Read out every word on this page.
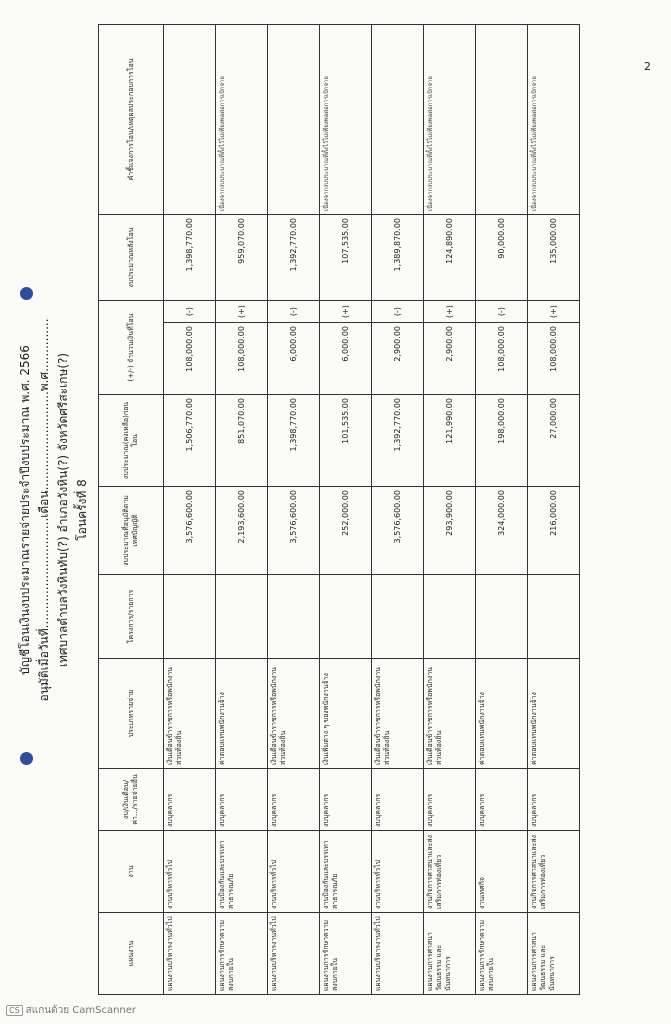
2
บัญชีโอนเงินงบประมาณรายจ่ายประจำปีงบประมาณ พ.ศ. 2566 อนุมัติเมื่อวันที่.............................เดือน..........................พ.ศ.............. เทศบาลตำบลวังหินทับ(?) อำเภอวังหิน(?) จังหวัดศรีสะเกษ(?) โอนครั้งที่ 8
แผนงาน	งาน	งบ/เงินเดือน/ค่า.../รายจ่ายอื่น	ประเภทรายจ่าย	โครงการ/รายการ	งบประมาณที่อนุมัติตามเทศบัญญัติ	งบประมาณ(คงเหลือ)ก่อนโอน	(+/-) จำนวนเงินที่โอน		งบประมาณหลังโอน	คำชี้แจงการโอน/เหตุผลประกอบการโอน
แผนงานบริหารงานทั่วไป	งานบริหารทั่วไป	งบบุคลากร	เงินเดือนข้าราชการหรือพนักงานส่วนท้องถิ่น		3,576,600.00	1,506,770.00	108,000.00	(-)	1,398,770.00	
แผนงานการรักษาความสงบภายใน	งานป้องกันและบรรเทาสาธารณภัย	งบบุคลากร	ค่าตอบแทนพนักงานจ้าง		2,193,600.00	851,070.00	108,000.00	(+)	959,070.00	เนื่องจากงบประมาณที่ตั้งไว้ไม่เพียงพอต่อการเบิกจ่าย
แผนงานบริหารงานทั่วไป	งานบริหารทั่วไป	งบบุคลากร	เงินเดือนข้าราชการหรือพนักงานส่วนท้องถิ่น		3,576,600.00	1,398,770.00	6,000.00	(-)	1,392,770.00	
แผนงานการรักษาความสงบภายใน	งานป้องกันและบรรเทาสาธารณภัย	งบบุคลากร	เงินเพิ่มต่าง ๆ ของพนักงานจ้าง		252,000.00	101,535.00	6,000.00	(+)	107,535.00	เนื่องจากงบประมาณที่ตั้งไว้ไม่เพียงพอต่อการเบิกจ่าย
แผนงานบริหารงานทั่วไป	งานบริหารทั่วไป	งบบุคลากร	เงินเดือนข้าราชการหรือพนักงานส่วนท้องถิ่น		3,576,600.00	1,392,770.00	2,900.00	(-)	1,389,870.00	
แผนงานการศาสนา วัฒนธรรม และนันทนาการ	งานกิจการศาสนาและส่งเสริมการท่องเที่ยว	งบบุคลากร	เงินเดือนข้าราชการหรือพนักงานส่วนท้องถิ่น		293,900.00	121,990.00	2,900.00	(+)	124,890.00	เนื่องจากงบประมาณที่ตั้งไว้ไม่เพียงพอต่อการเบิกจ่าย
แผนงานการรักษาความสงบภายใน	งานเทศกิจ	งบบุคลากร	ค่าตอบแทนพนักงานจ้าง		324,000.00	198,000.00	108,000.00	(-)	90,000.00	
แผนงานการศาสนา วัฒนธรรม และนันทนาการ	งานกิจการศาสนาและส่งเสริมการท่องเที่ยว	งบบุคลากร	ค่าตอบแทนพนักงานจ้าง		216,000.00	27,000.00	108,000.00	(+)	135,000.00	เนื่องจากงบประมาณที่ตั้งไว้ไม่เพียงพอต่อการเบิกจ่าย
CS สแกนด้วย CamScanner
